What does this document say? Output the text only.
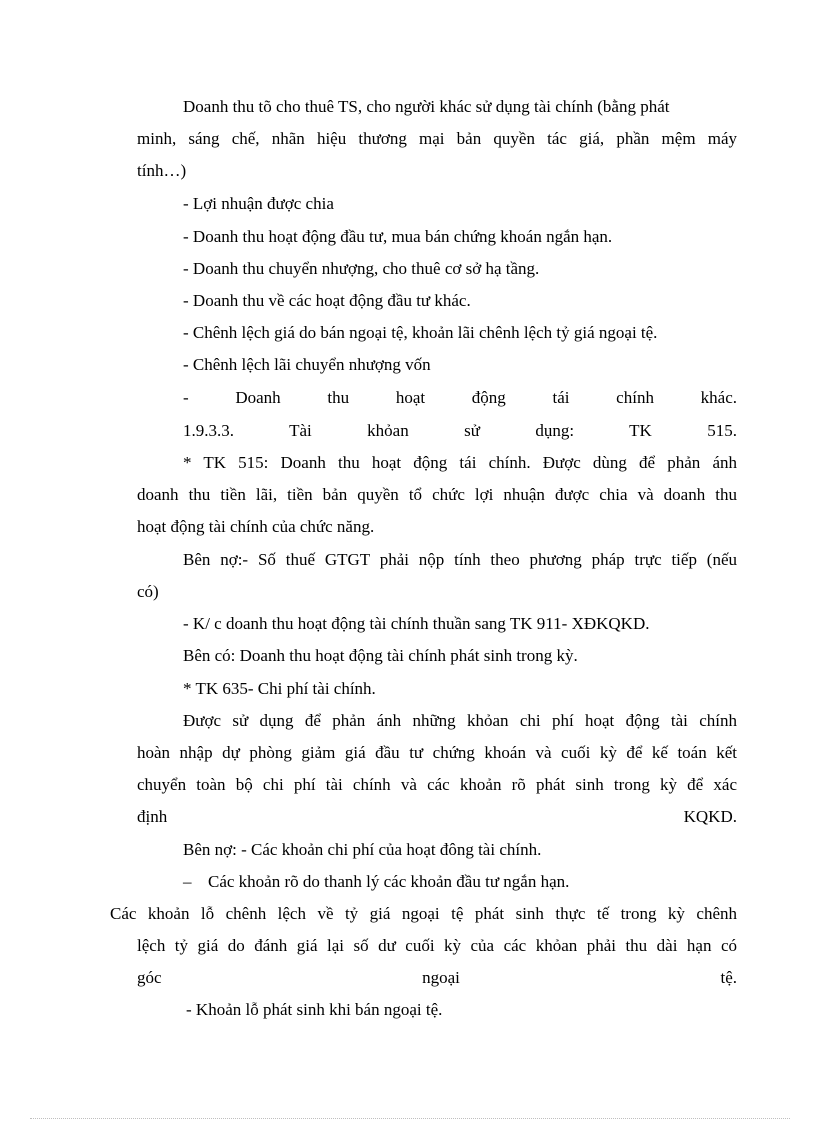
Doanh thu tõ cho thuê TS, cho người khác sử dụng tài chính (bằng phát
minh, sáng chế, nhãn hiệu thương mại bản quyền tác giá, phần mệm máy
tính…)
- Lợi nhuận được chia
- Doanh thu hoạt động đầu tư, mua bán chứng khoán ngắn hạn.
- Doanh thu chuyển nhượng, cho thuê cơ sở hạ tầng.
- Doanh thu về các hoạt động đầu tư khác.
- Chênh lệch giá do bán ngoại tệ, khoản lãi chênh lệch tỷ giá ngoại tệ.
- Chênh lệch lãi chuyển nhượng vốn
- Doanh thu hoạt động tái chính khác.
1.9.3.3. Tài khỏan sử dụng: TK 515.
* TK 515: Doanh thu hoạt động tái chính. Được dùng để phản ánh
doanh thu tiền lãi, tiền bản quyền tổ chức lợi nhuận được chia và doanh thu
hoạt động tài chính của chức năng.
Bên nợ:- Số thuế GTGT phải nộp tính theo phương pháp trực tiếp (nếu
có)
- K/ c doanh thu hoạt động tài chính thuần sang TK 911- XĐKQKD.
Bên có: Doanh thu hoạt động tài chính phát sinh trong kỳ.
* TK 635- Chi phí tài chính.
Được sử dụng để phản ánh những khỏan chi phí hoạt động tài chính
hoàn nhập dự phòng giảm giá đầu tư chứng khoán và cuối kỳ để kế toán kết
chuyển toàn bộ chi phí tài chính và các khoản rõ phát sinh trong kỳ để xác
định KQKD.
Bên nợ: - Các khoản chi phí của hoạt đông tài chính.
‒ Các khoản rõ do thanh lý các khoản đầu tư ngắn hạn.
Các khoản lỗ chênh lệch về tỷ giá ngoại tệ phát sinh thực tế trong kỳ chênh
lệch tỷ giá do đánh giá lại số dư cuối kỳ của các khỏan phải thu dài hạn có
góc ngoại tệ.
- Khoản lỗ phát sinh khi bán ngoại tệ.
